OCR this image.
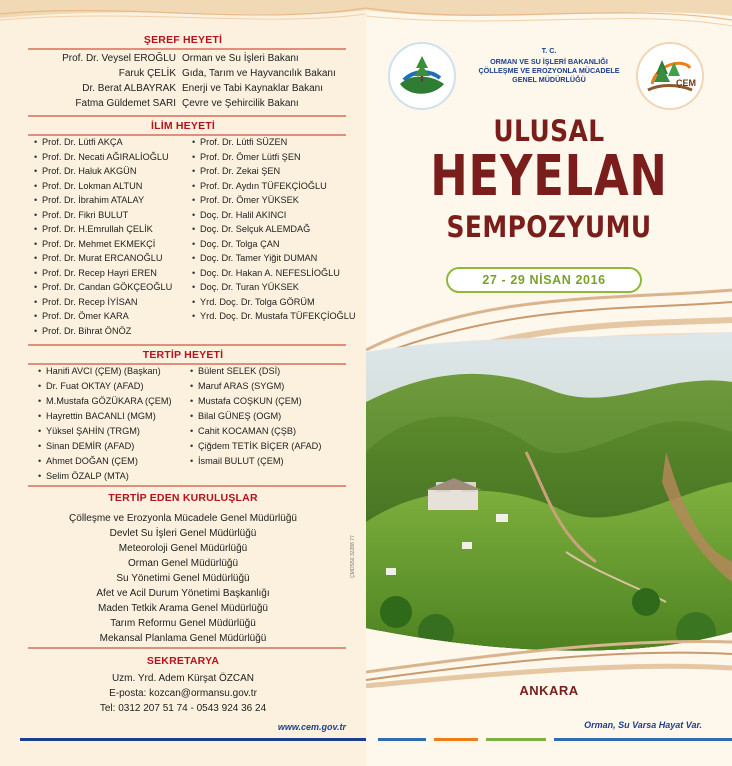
ŞEREF HEYETİ
Prof. Dr. Veysel EROĞLU Orman ve Su İşleri Bakanı
Faruk ÇELİK Gıda, Tarım ve Hayvancılık Bakanı
Dr. Berat ALBAYRAK Enerji ve Tabi Kaynaklar Bakanı
Fatma Güldemet SARI Çevre ve Şehircilik Bakanı
İLİM HEYETİ
• Prof. Dr. Lütfi AKÇA
• Prof. Dr. Necati AĞIRALİOĞLU
• Prof. Dr. Haluk AKGÜN
• Prof. Dr. Lokman ALTUN
• Prof. Dr. İbrahim ATALAY
• Prof. Dr. Fikri BULUT
• Prof. Dr. H.Emrullah ÇELİK
• Prof. Dr. Mehmet EKMEKÇİ
• Prof. Dr. Murat ERCANOĞLU
• Prof. Dr. Recep Hayri EREN
• Prof. Dr. Candan GÖKÇEOĞLU
• Prof. Dr. Recep İYİSAN
• Prof. Dr. Ömer KARA
• Prof. Dr. Bihrat ÖNÖZ
• Prof. Dr. Lütfi SÜZEN
• Prof. Dr. Ömer Lütfi ŞEN
• Prof. Dr. Zekai ŞEN
• Prof. Dr. Aydın TÜFEKÇİOĞLU
• Prof. Dr. Ömer YÜKSEK
• Doç. Dr. Halil AKINCI
• Doç. Dr. Selçuk ALEMDAĞ
• Doç. Dr. Tolga ÇAN
• Doç. Dr. Tamer Yiğit DUMAN
• Doç. Dr. Hakan A. NEFESLİOĞLU
• Doç. Dr. Turan YÜKSEK
• Yrd. Doç. Dr. Tolga GÖRÜM
• Yrd. Doç. Dr. Mustafa TÜFEKÇİOĞLU
TERTİP HEYETİ
• Hanifi AVCI (ÇEM) (Başkan)
• Dr. Fuat OKTAY (AFAD)
• M.Mustafa GÖZÜKARA (ÇEM)
• Hayrettin BACANLI (MGM)
• Yüksel ŞAHİN (TRGM)
• Sinan DEMİR (AFAD)
• Ahmet DOĞAN (ÇEM)
• Selim ÖZALP (MTA)
• Bülent SELEK (DSİ)
• Maruf ARAS (SYGM)
• Mustafa COŞKUN (ÇEM)
• Bilal GÜNEŞ (OGM)
• Cahit KOCAMAN (ÇŞB)
• Çiğdem TETİK BİÇER (AFAD)
• İsmail BULUT (ÇEM)
TERTİP EDEN KURULUŞLAR
Çölleşme ve Erozyonla Mücadele Genel Müdürlüğü
Devlet Su İşleri Genel Müdürlüğü
Meteoroloji Genel Müdürlüğü
Orman Genel Müdürlüğü
Su Yönetimi Genel Müdürlüğü
Afet ve Acil Durum Yönetimi Başkanlığı
Maden Tetkik Arama Genel Müdürlüğü
Tarım Reformu Genel Müdürlüğü
Mekansal Planlama Genel Müdürlüğü
SEKRETARYA
Uzm. Yrd. Adem Kürşat ÖZCAN
E-posta: kozcan@ormansu.gov.tr
Tel: 0312 207 51 74 - 0543 924 36 24
ÇMOS50 32288 77
www.cem.gov.tr
T. C.
ORMAN VE SU İŞLERİ BAKANLIĞI
ÇÖLLEŞME VE EROZYONLA MÜCADELE
GENEL MÜDÜRLÜĞÜ	ÇEM
ULUSAL
HEYELAN
SEMPOZYUMU
27 - 29 NİSAN 2016
ANKARA
Orman, Su Varsa Hayat Var.
